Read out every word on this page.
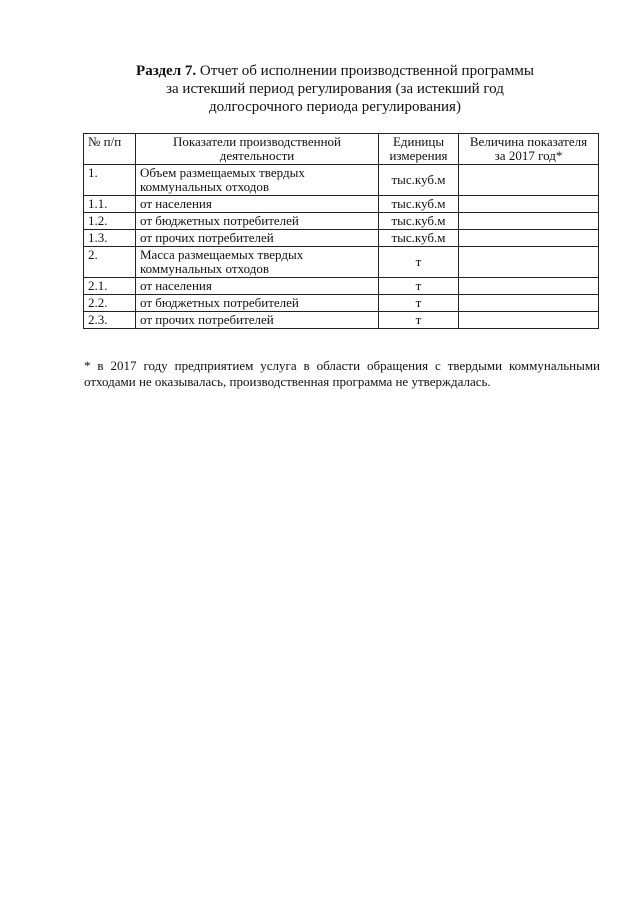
Раздел 7. Отчет об исполнении производственной программы
за истекший период регулирования (за истекший год
долгосрочного периода регулирования)
№ п/п	Показатели производственной деятельности	Единицы измерения	Величина показателя за 2017 год*
1.	Объем размещаемых твердых коммунальных отходов	тыс.куб.м	
1.1.	от населения	тыс.куб.м	
1.2.	от бюджетных потребителей	тыс.куб.м	
1.3.	от прочих потребителей	тыс.куб.м	
2.	Масса размещаемых твердых коммунальных отходов	т	
2.1.	от населения	т	
2.2.	от бюджетных потребителей	т	
2.3.	от прочих потребителей	т	
* в 2017 году предприятием услуга в области обращения с твердыми коммунальными отходами не оказывалась, производственная программа не утверждалась.
